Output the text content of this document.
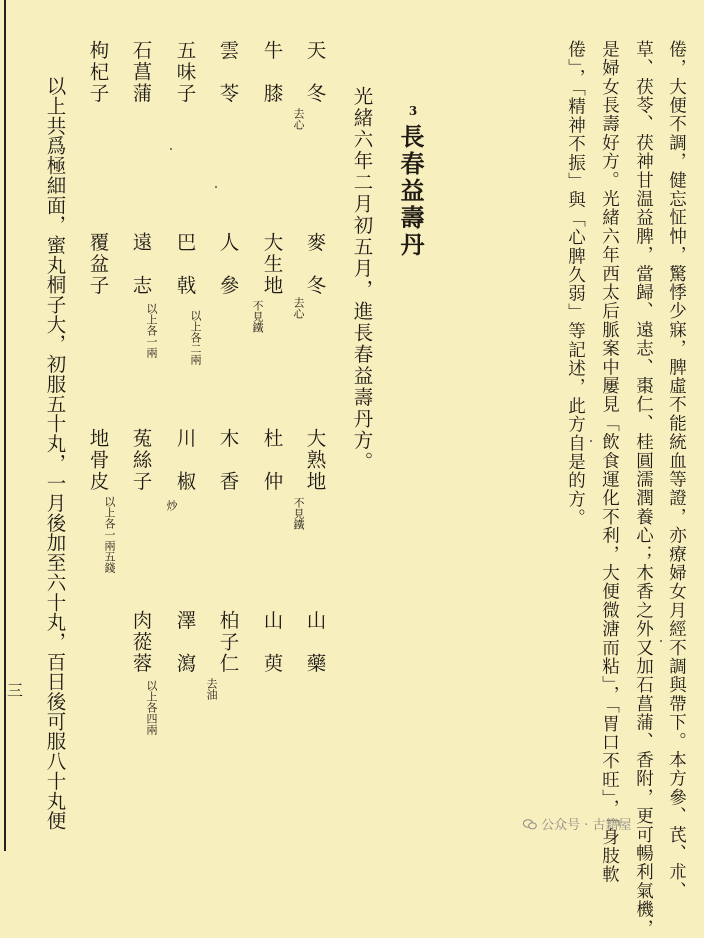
倦，大便不調，健忘怔忡，驚悸少寐，脾虛不能統血等證，亦療婦女月經不調與帶下。本方參、芪、朮、
草、茯苓、茯神甘温益脾，當歸、遠志、棗仁、桂圓濡潤養心；木香之外又加石菖蒲、香附，更可暢利氣機，
是婦女長壽好方。光緒六年西太后脈案中屢見「飲食運化不利，大便微溏而粘」，「胃口不旺」，「身肢軟
倦」，「精神不振」與「心脾久弱」等記述，此方自是的方。
3
長春益壽丹
光緒六年二月初五月，進長春益壽丹方。
天　冬
去心
麥　冬
去心
大熟地
不見鐵
山　藥
牛　膝
大生地
不見鐵
杜　仲
山　萸
雲　苓
人　參
木　香
柏子仁
去油
五味子
巴　戟
以上各二兩
川　椒
炒
澤　瀉
石菖蒲
遠　志
以上各一兩
菟絲子
肉蓯蓉
以上各四兩
枸杞子
覆盆子
地骨皮
以上各一兩五錢
以上共爲極細面，蜜丸桐子大，初服五十丸，一月後加至六十丸，百日後可服八十丸便
三
公众号 · 古籍屋
